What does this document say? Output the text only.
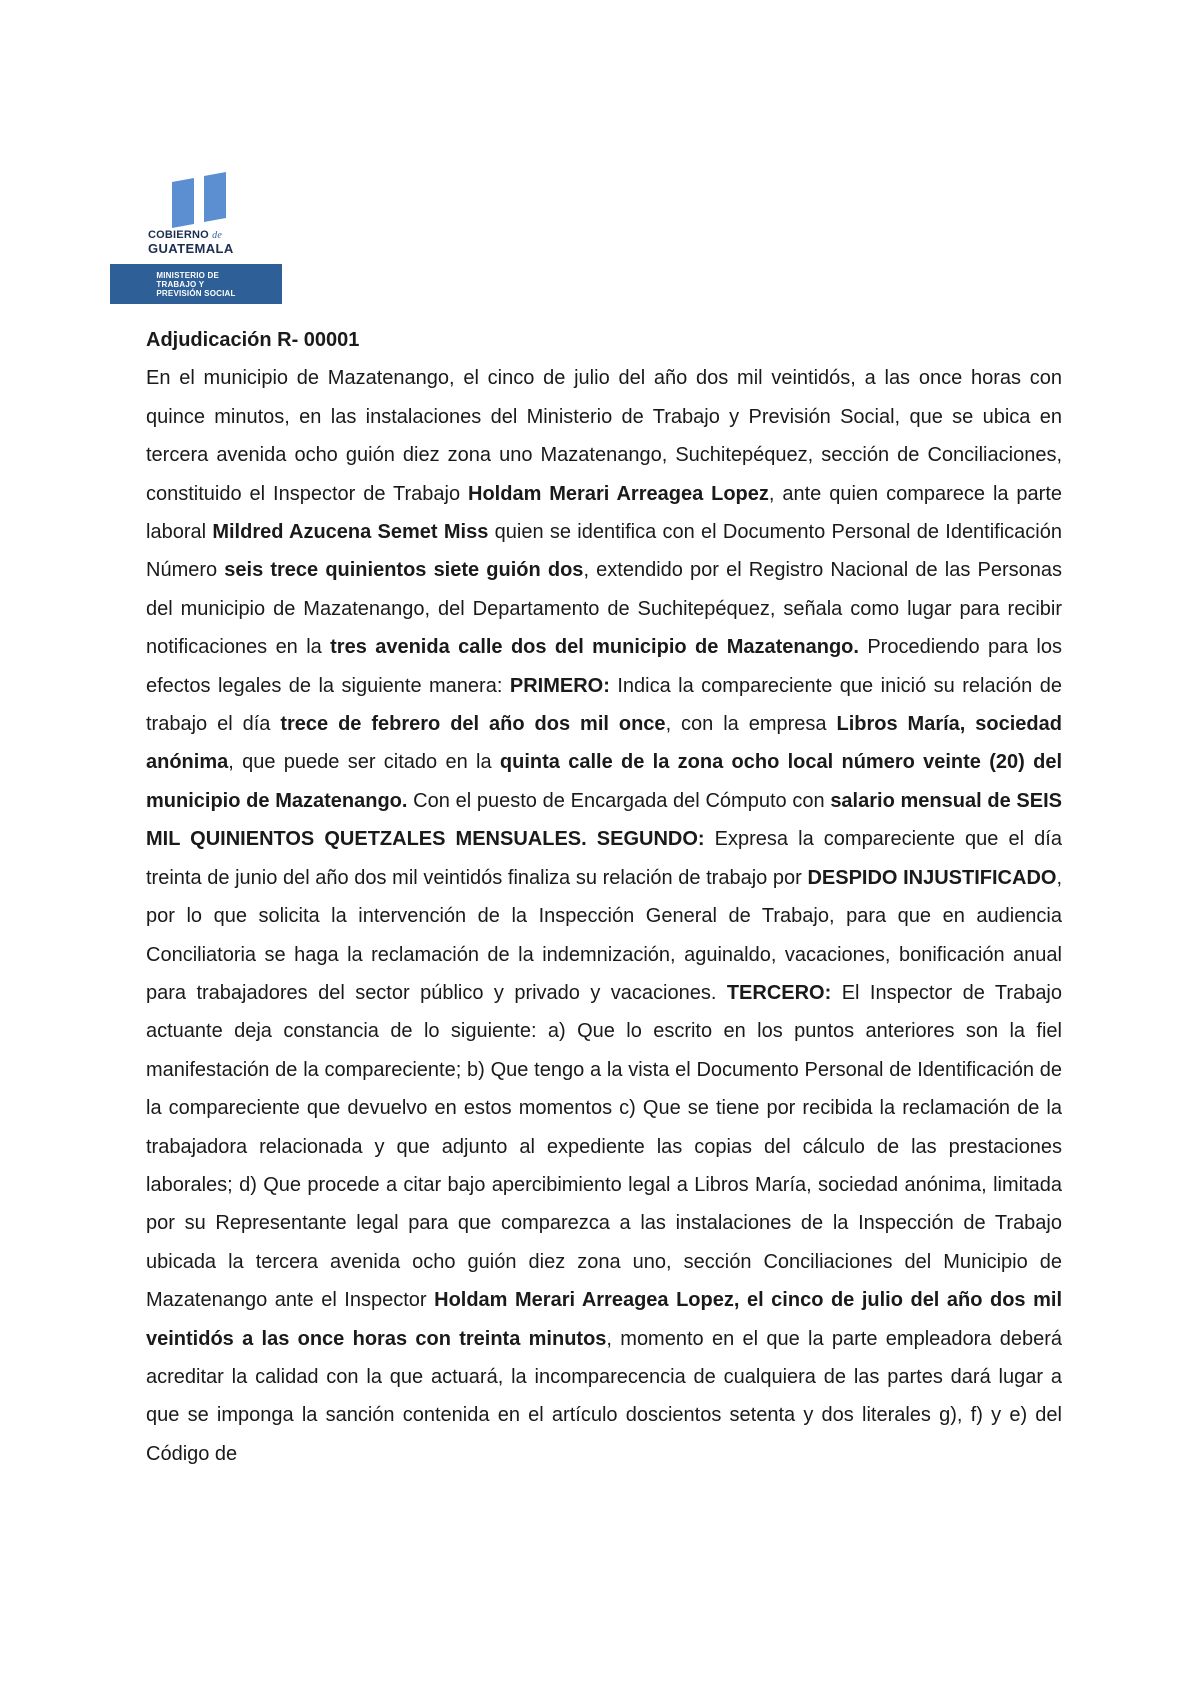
COBIERNO de
GUATEMALA
MINISTERIO DE
TRABAJO Y
PREVISIÓN SOCIAL

Adjudicación R- 00001

En el municipio de Mazatenango, el cinco de julio del año dos mil veintidós, a las once horas con quince minutos, en las instalaciones del Ministerio de Trabajo y Previsión Social, que se ubica en tercera avenida ocho guión diez zona uno Mazatenango, Suchitepéquez, sección de Conciliaciones, constituido el Inspector de Trabajo Holdam Merari Arreagea Lopez, ante quien comparece la parte laboral Mildred Azucena Semet Miss quien se identifica con el Documento Personal de Identificación Número seis trece quinientos siete guión dos, extendido por el Registro Nacional de las Personas del municipio de Mazatenango, del Departamento de Suchitepéquez, señala como lugar para recibir notificaciones en la tres avenida calle dos del municipio de Mazatenango. Procediendo para los efectos legales de la siguiente manera: PRIMERO: Indica la compareciente que inició su relación de trabajo el día trece de febrero del año dos mil once, con la empresa Libros María, sociedad anónima, que puede ser citado en la quinta calle de la zona ocho local número veinte (20) del municipio de Mazatenango. Con el puesto de Encargada del Cómputo con salario mensual de SEIS MIL QUINIENTOS QUETZALES MENSUALES. SEGUNDO: Expresa la compareciente que el día treinta de junio del año dos mil veintidós finaliza su relación de trabajo por DESPIDO INJUSTIFICADO, por lo que solicita la intervención de la Inspección General de Trabajo, para que en audiencia Conciliatoria se haga la reclamación de la indemnización, aguinaldo, vacaciones, bonificación anual para trabajadores del sector público y privado y vacaciones. TERCERO: El Inspector de Trabajo actuante deja constancia de lo siguiente: a) Que lo escrito en los puntos anteriores son la fiel manifestación de la compareciente; b) Que tengo a la vista el Documento Personal de Identificación de la compareciente que devuelvo en estos momentos c) Que se tiene por recibida la reclamación de la trabajadora relacionada y que adjunto al expediente las copias del cálculo de las prestaciones laborales; d) Que procede a citar bajo apercibimiento legal a Libros María, sociedad anónima, limitada por su Representante legal para que comparezca a las instalaciones de la Inspección de Trabajo ubicada la tercera avenida ocho guión diez zona uno, sección Conciliaciones del Municipio de Mazatenango ante el Inspector Holdam Merari Arreagea Lopez, el cinco de julio del año dos mil veintidós a las once horas con treinta minutos, momento en el que la parte empleadora deberá acreditar la calidad con la que actuará, la incomparecencia de cualquiera de las partes dará lugar a que se imponga la sanción contenida en el artículo doscientos setenta y dos literales g), f) y e) del Código de
